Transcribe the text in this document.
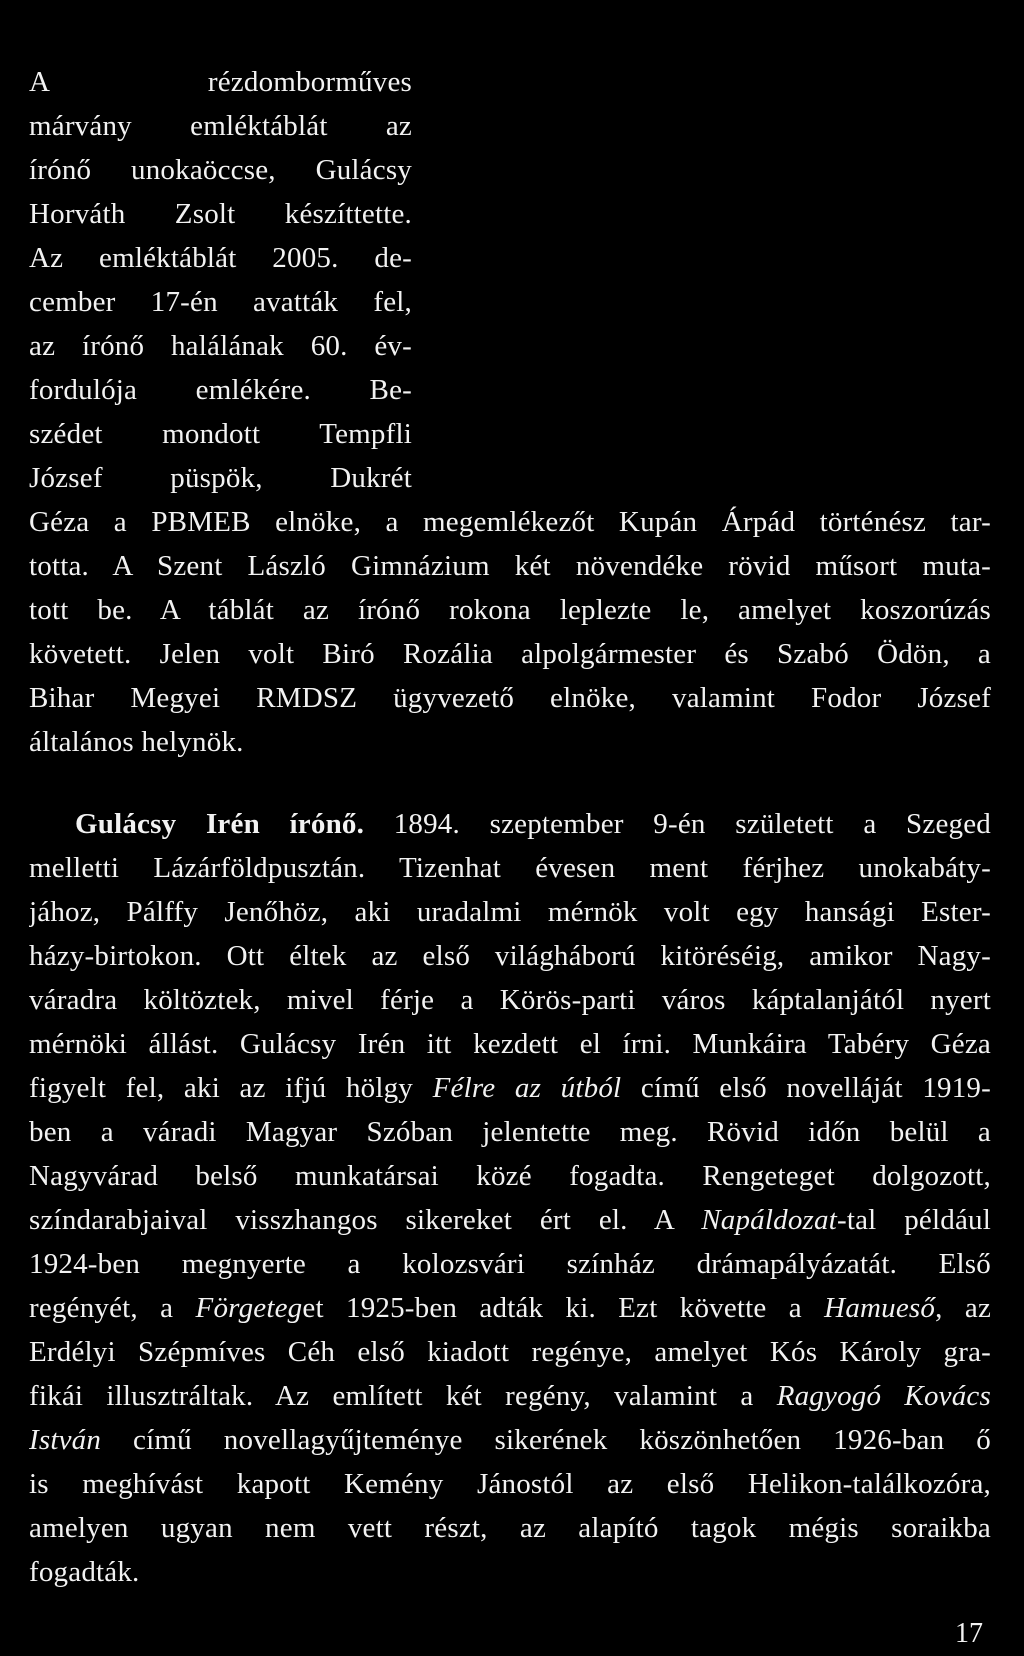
A rézdomborműves
márvány emléktáblát az
írónő unokaöccse, Gulácsy
Horváth Zsolt készíttette.
Az emléktáblát 2005. de-
cember 17-én avatták fel,
az írónő halálának 60. év-
fordulója emlékére. Be-
szédet mondott Tempfli
József püspök, Dukrét
Géza a PBMEB elnöke, a megemlékezőt Kupán Árpád történész tar-
totta. A Szent László Gimnázium két növendéke rövid műsort muta-
tott be. A táblát az írónő rokona leplezte le, amelyet koszorúzás
követett. Jelen volt Biró Rozália alpolgármester és Szabó Ödön, a
Bihar Megyei RMDSZ ügyvezető elnöke, valamint Fodor József
általános helynök.
Gulácsy Irén írónő. 1894. szeptember 9-én született a Szeged
melletti Lázárföldpusztán. Tizenhat évesen ment férjhez unokabáty-
jához, Pálffy Jenőhöz, aki uradalmi mérnök volt egy hansági Ester-
házy-birtokon. Ott éltek az első világháború kitöréséig, amikor Nagy-
váradra költöztek, mivel férje a Körös-parti város káptalanjától nyert
mérnöki állást. Gulácsy Irén itt kezdett el írni. Munkáira Tabéry Géza
figyelt fel, aki az ifjú hölgy Félre az útból című első novelláját 1919-
ben a váradi Magyar Szóban jelentette meg. Rövid időn belül a
Nagyvárad belső munkatársai közé fogadta. Rengeteget dolgozott,
színdarabjaival visszhangos sikereket ért el. A Napáldozat-tal például
1924-ben megnyerte a kolozsvári színház drámapályázatát. Első
regényét, a Förgeteget 1925-ben adták ki. Ezt követte a Hamueső, az
Erdélyi Szépmíves Céh első kiadott regénye, amelyet Kós Károly gra-
fikái illusztráltak. Az említett két regény, valamint a Ragyogó Kovács
István című novellagyűjteménye sikerének köszönhetően 1926-ban ő
is meghívást kapott Kemény Jánostól az első Helikon-találkozóra,
amelyen ugyan nem vett részt, az alapító tagok mégis soraikba
fogadták.
17
